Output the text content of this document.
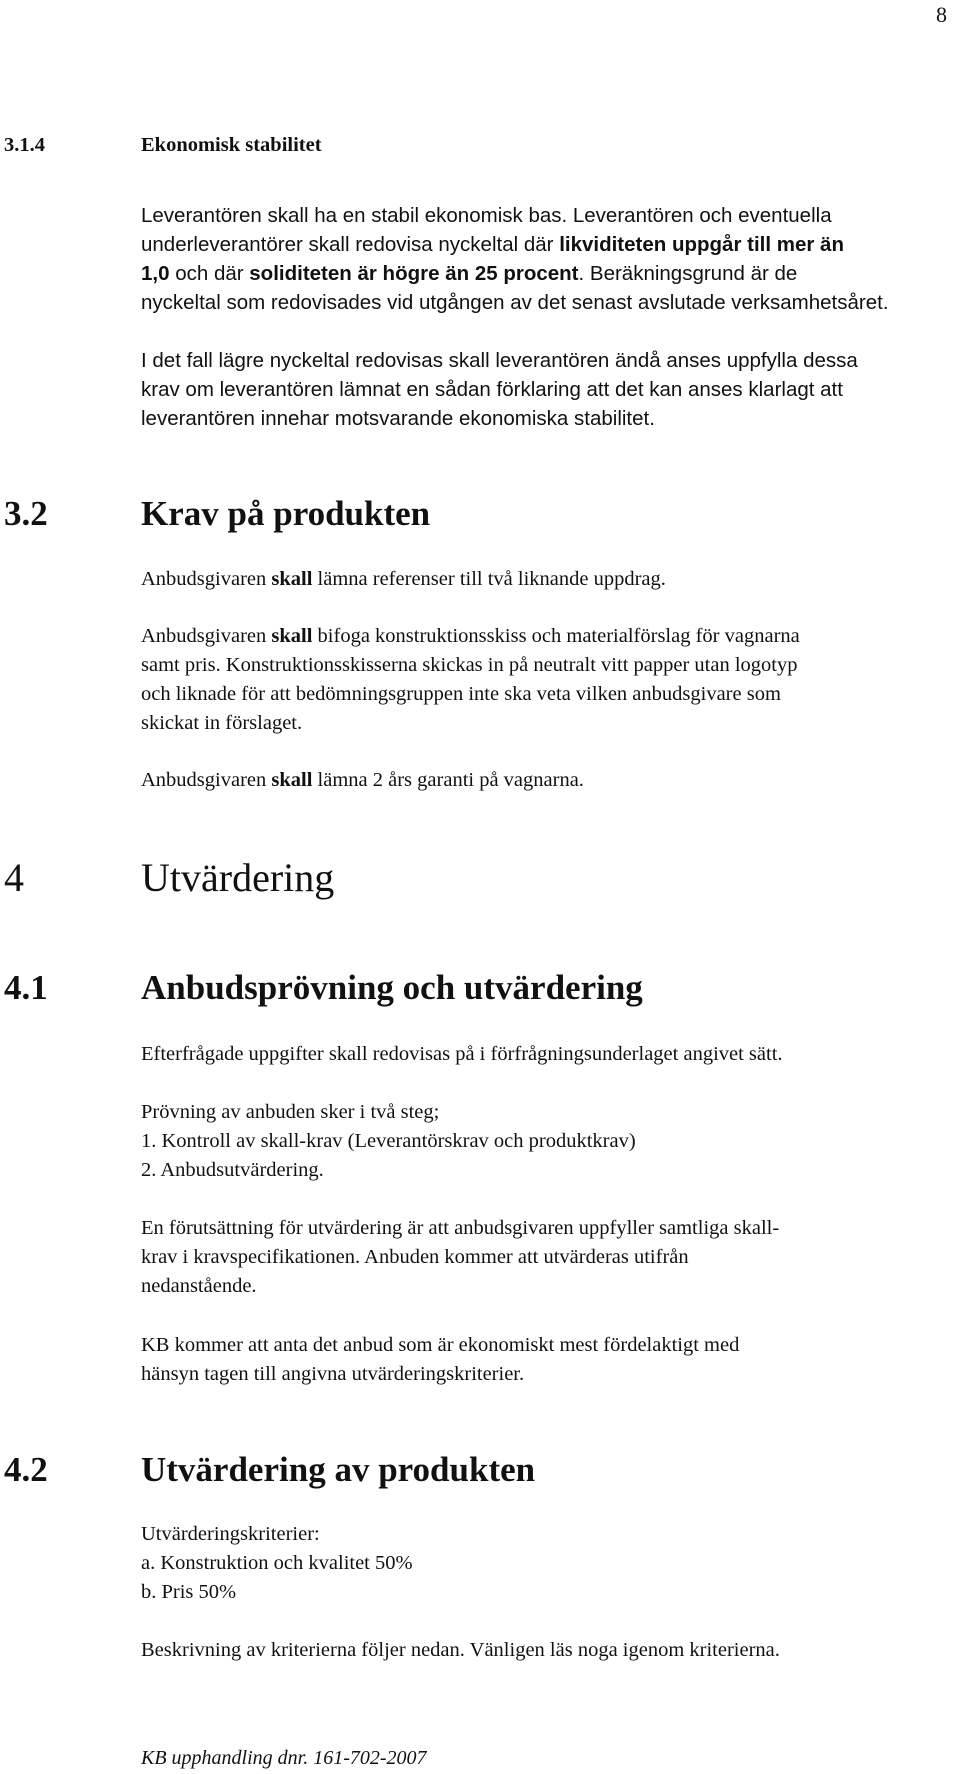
8
3.1.4	Ekonomisk stabilitet
Leverantören skall ha en stabil ekonomisk bas. Leverantören och eventuella
underleverantörer skall redovisa nyckeltal där likviditeten uppgår till mer än
1,0 och där soliditeten är högre än 25 procent. Beräkningsgrund är de
nyckeltal som redovisades vid utgången av det senast avslutade verksamhetsåret.
I det fall lägre nyckeltal redovisas skall leverantören ändå anses uppfylla dessa
krav om leverantören lämnat en sådan förklaring att det kan anses klarlagt att
leverantören innehar motsvarande ekonomiska stabilitet.
3.2	Krav på produkten
Anbudsgivaren skall lämna referenser till två liknande uppdrag.
Anbudsgivaren skall bifoga konstruktionsskiss och materialförslag för vagnarna
samt pris. Konstruktionsskisserna skickas in på neutralt vitt papper utan logotyp
och liknade för att bedömningsgruppen inte ska veta vilken anbudsgivare som
skickat in förslaget.
Anbudsgivaren skall lämna 2 års garanti på vagnarna.
4	Utvärdering
4.1	Anbudsprövning och utvärdering
Efterfrågade uppgifter skall redovisas på i förfrågningsunderlaget angivet sätt.
Prövning av anbuden sker i två steg;
1. Kontroll av skall-krav (Leverantörskrav och produktkrav)
2. Anbudsutvärdering.
En förutsättning för utvärdering är att anbudsgivaren uppfyller samtliga skall-
krav i kravspecifikationen. Anbuden kommer att utvärderas utifrån
nedanstående.
KB kommer att anta det anbud som är ekonomiskt mest fördelaktigt med
hänsyn tagen till angivna utvärderingskriterier.
4.2	Utvärdering av produkten
Utvärderingskriterier:
a. Konstruktion och kvalitet 50%
b. Pris 50%
Beskrivning av kriterierna följer nedan. Vänligen läs noga igenom kriterierna.
KB upphandling dnr. 161-702-2007
